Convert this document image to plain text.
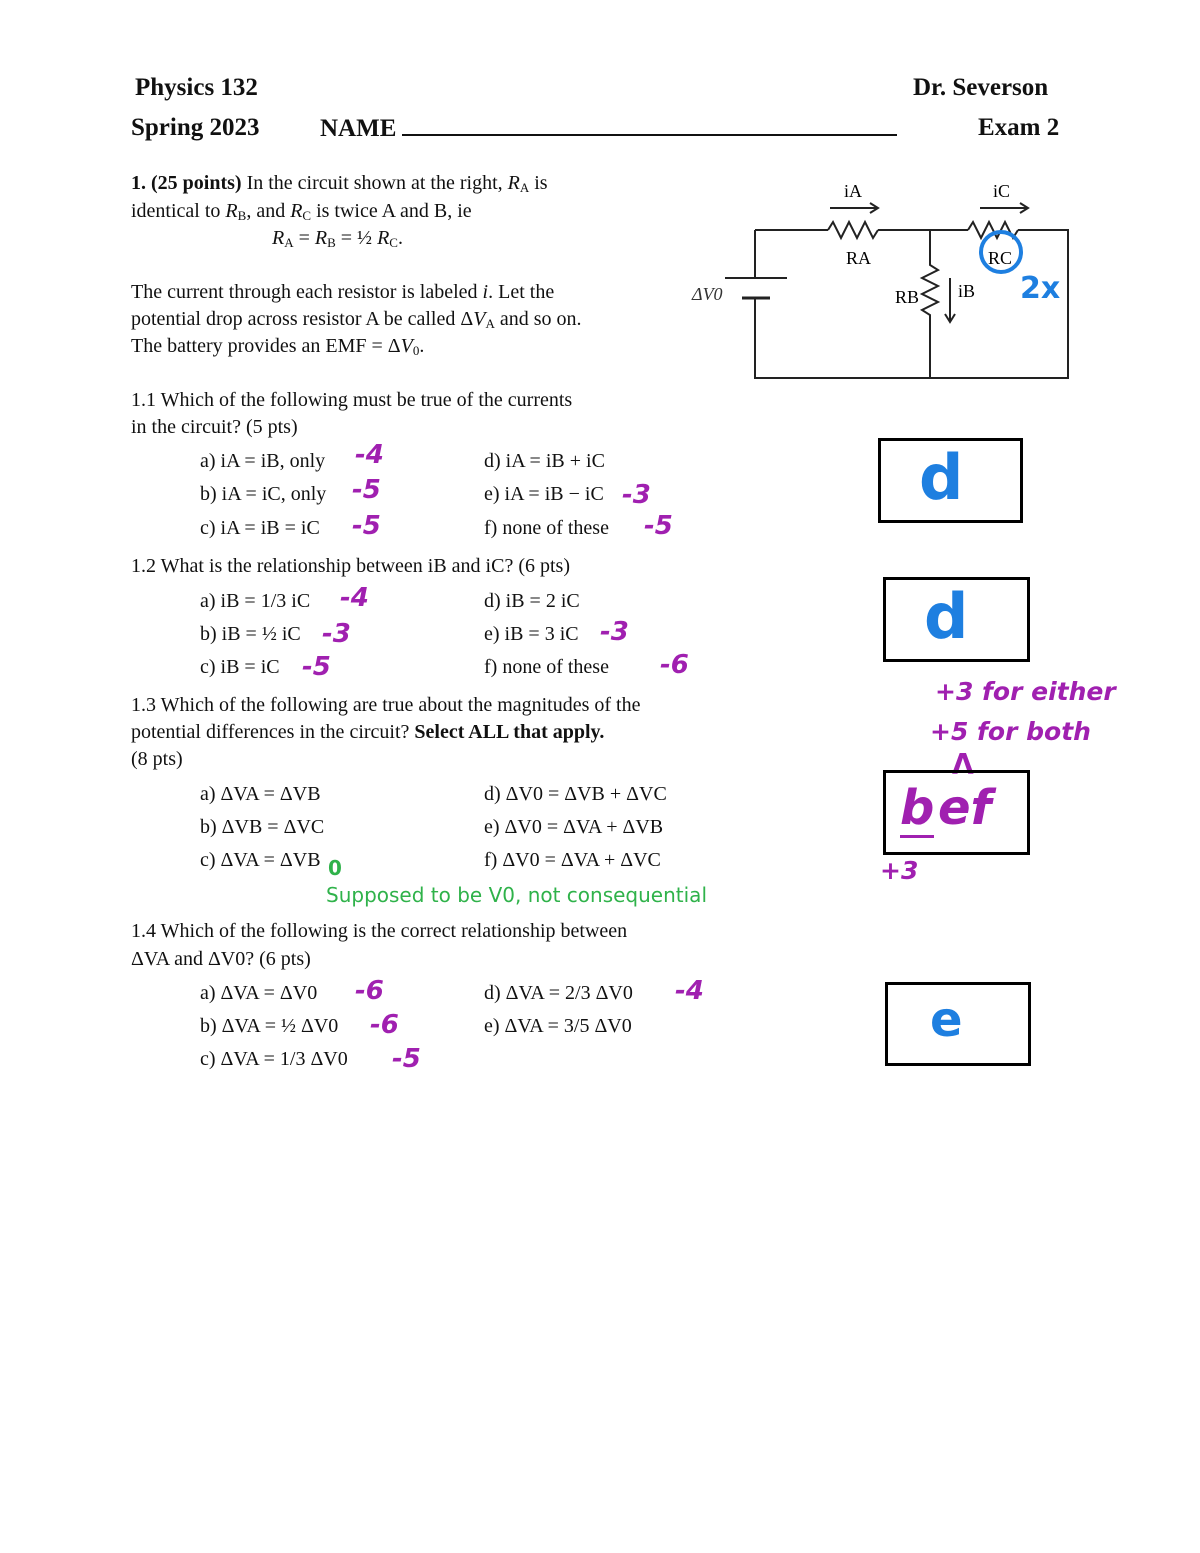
Physics 132	Dr. Severson
Spring 2023 NAME	Exam 2
1. (25 points) In the circuit shown at the right, $R_A$ is
identical to $R_B$, and $R_C$ is twice A and B, ie
$R_A = R_B$ = ½ $R_C$.
The current through each resistor is labeled i. Let the
potential drop across resistor A be called $\Delta V_A$ and so on.
The battery provides an EMF = $\Delta V_0$.
iA	iC
RA	RC
RB iB
ΔV0	2x
1.1 Which of the following must be true of the currents
in the circuit? (5 pts)
a) iA = iB, only
b) iA = iC, only
c) iA = iB = iC
d) iA = iB + iC
e) iA = iB − iC
f) none of these
-4
-5
-5
-3
-5
d
1.2 What is the relationship between iB and iC? (6 pts)
a) iB = 1/3 iC
b) iB = ½ iC
c) iB = iC
d) iB = 2 iC
e) iB = 3 iC
f) none of these
-4
-3
-5
-3
-6
d
1.3 Which of the following are true about the magnitudes of the
potential differences in the circuit? Select ALL that apply.
(8 pts)
a) ΔVA = ΔVB
b) ΔVB = ΔVC
c) ΔVA = ΔVB
d) ΔV0 = ΔVB + ΔVC
e) ΔV0 = ΔVA + ΔVB
f) ΔV0 = ΔVA + ΔVC
0
Supposed to be V0, not consequential
+3 for either
+5 for both
Λ
+3
b ef
1.4 Which of the following is the correct relationship between
ΔVA and ΔV0? (6 pts)
a) ΔVA = ΔV0
b) ΔVA = ½ ΔV0
c) ΔVA = 1/3 ΔV0
d) ΔVA = 2/3 ΔV0
e) ΔVA = 3/5 ΔV0
-6
-6
-5
-4
e
